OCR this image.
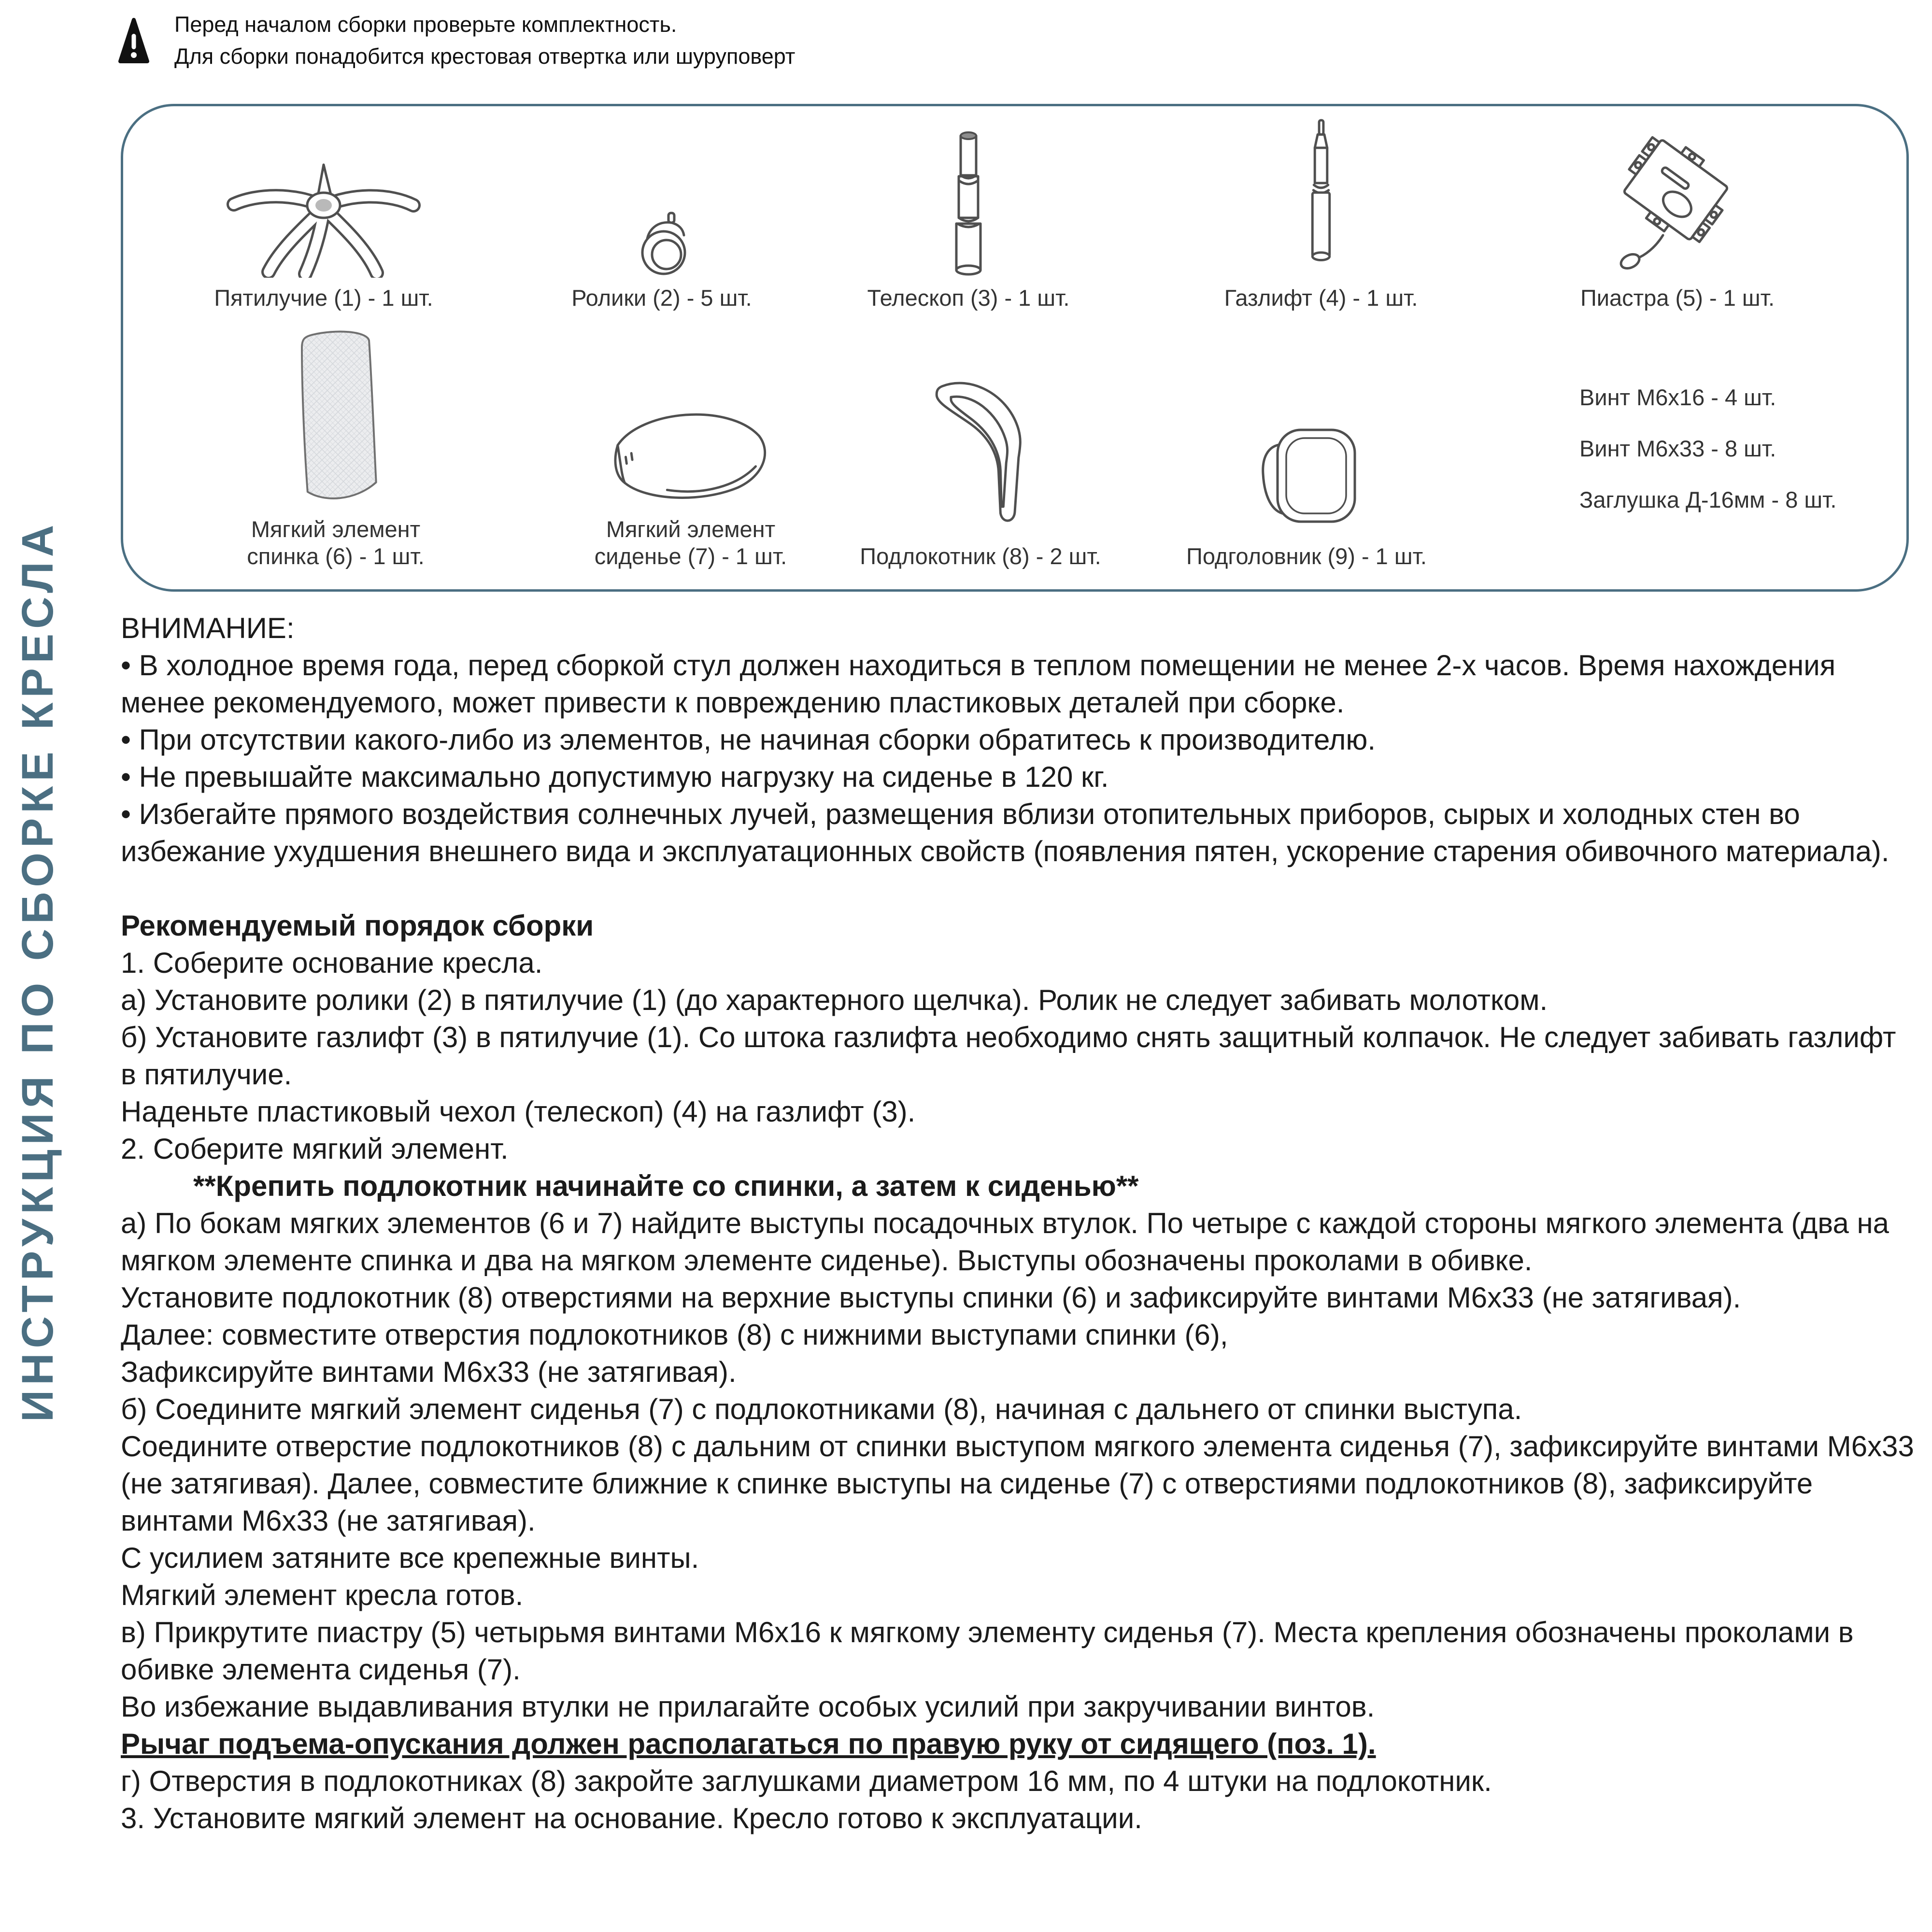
ИНСТРУКЦИЯ ПО СБОРКЕ КРЕСЛА
Перед началом сборки проверьте комплектность.
Для сборки понадобится крестовая отвертка или шуруповерт
Пятилучие (1) - 1 шт.	Ролики (2) - 5 шт.	Телескоп (3) - 1 шт.	Газлифт (4) - 1 шт.	Пиастра (5) - 1 шт.
Мягкий элемент
спинка (6) - 1 шт.
Мягкий элемент
сиденье (7) - 1 шт.	Подлокотник (8) - 2 шт.	Подголовник (9) - 1 шт.
Винт М6х16 - 4 шт.
Винт М6х33 - 8 шт.
Заглушка Д-16мм - 8 шт.

ВНИМАНИЕ:

• В холодное время года, перед сборкой стул должен находиться в теплом помещении не менее 2-х часов. Время нахождения менее рекомендуемого, может привести к повреждению пластиковых деталей при сборке.

• При отсутствии какого-либо из элементов, не начиная сборки обратитесь к производителю.

• Не превышайте максимально допустимую нагрузку на сиденье в 120 кг.

• Избегайте прямого воздействия солнечных лучей, размещения вблизи отопительных приборов, сырых и холодных стен во избежание ухудшения внешнего вида и эксплуатационных свойств (появления пятен, ускорение старения обивочного материала).

Рекомендуемый порядок сборки

1. Соберите основание кресла.

а) Установите ролики (2) в пятилучие (1) (до характерного щелчка). Ролик не следует забивать молотком.

б) Установите газлифт (3) в пятилучие (1). Со штока газлифта необходимо снять защитный колпачок. Не следует забивать газлифт в пятилучие.

Наденьте пластиковый чехол (телескоп) (4) на газлифт (3).

2. Соберите мягкий элемент.

**Крепить подлокотник начинайте со спинки, а затем к сиденью**

а) По бокам мягких элементов (6 и 7) найдите выступы посадочных втулок. По четыре с каждой стороны мягкого элемента (два на мягком элементе спинка и два на мягком элементе сиденье). Выступы обозначены проколами в обивке.

Установите подлокотник (8) отверстиями на верхние выступы спинки (6) и зафиксируйте винтами М6х33 (не затягивая).

Далее: совместите отверстия подлокотников (8) с нижними выступами спинки (6),

Зафиксируйте винтами М6х33 (не затягивая).

б) Соедините мягкий элемент сиденья (7) с подлокотниками (8), начиная с дальнего от спинки выступа.

Соедините отверстие подлокотников (8) с дальним от спинки выступом мягкого элемента сиденья (7), зафиксируйте винтами М6х33 (не затягивая). Далее, совместите ближние к спинке выступы на сиденье (7) с отверстиями подлокотников (8), зафиксируйте винтами М6х33 (не затягивая).

С усилием затяните все крепежные винты.

Мягкий элемент кресла готов.

в) Прикрутите пиастру (5) четырьмя винтами М6х16 к мягкому элементу сиденья (7). Места крепления обозначены проколами в обивке элемента сиденья (7).

Во избежание выдавливания втулки не прилагайте особых усилий при закручивании винтов.

Рычаг подъема-опускания должен располагаться по правую руку от сидящего (поз. 1).

г) Отверстия в подлокотниках (8) закройте заглушками диаметром 16 мм, по 4 штуки на подлокотник.

3. Установите мягкий элемент на основание. Кресло готово к эксплуатации.
